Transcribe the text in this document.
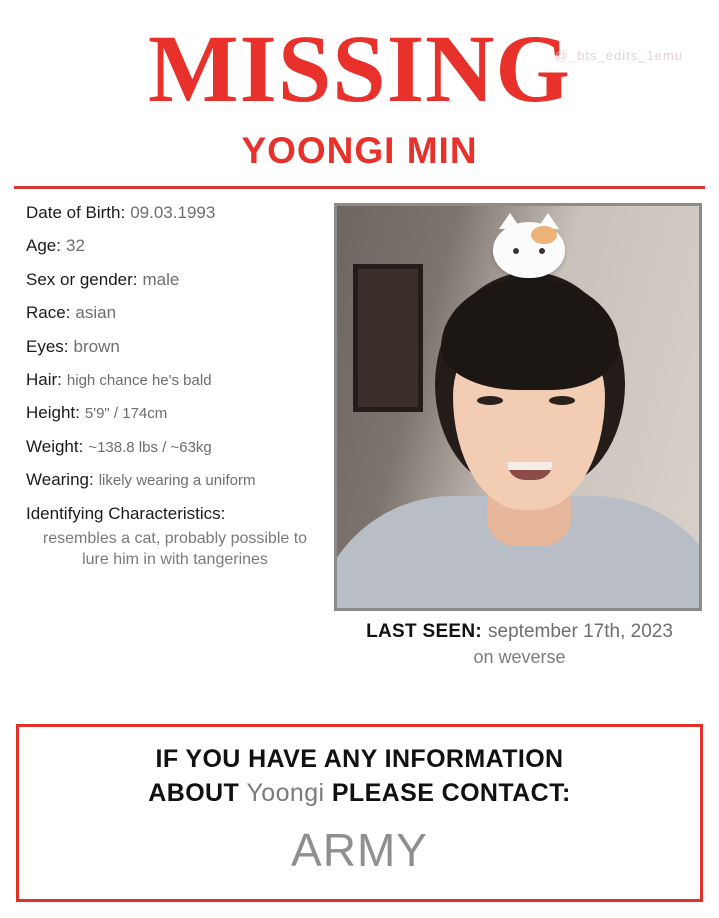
MISSING
YOONGI MIN
Date of Birth: 09.03.1993
Age: 32
Sex or gender: male
Race: asian
Eyes: brown
Hair: high chance he's bald
Height: 5'9" / 174cm
Weight: ~138.8 lbs / ~63kg
Wearing: likely wearing a uniform
Identifying Characteristics:
resembles a cat, probably possible to lure him in with tangerines
LAST SEEN: september 17th, 2023
on weverse
IF YOU HAVE ANY INFORMATION
ABOUT Yoongi PLEASE CONTACT:
ARMY
@_bts_edits_1emu
